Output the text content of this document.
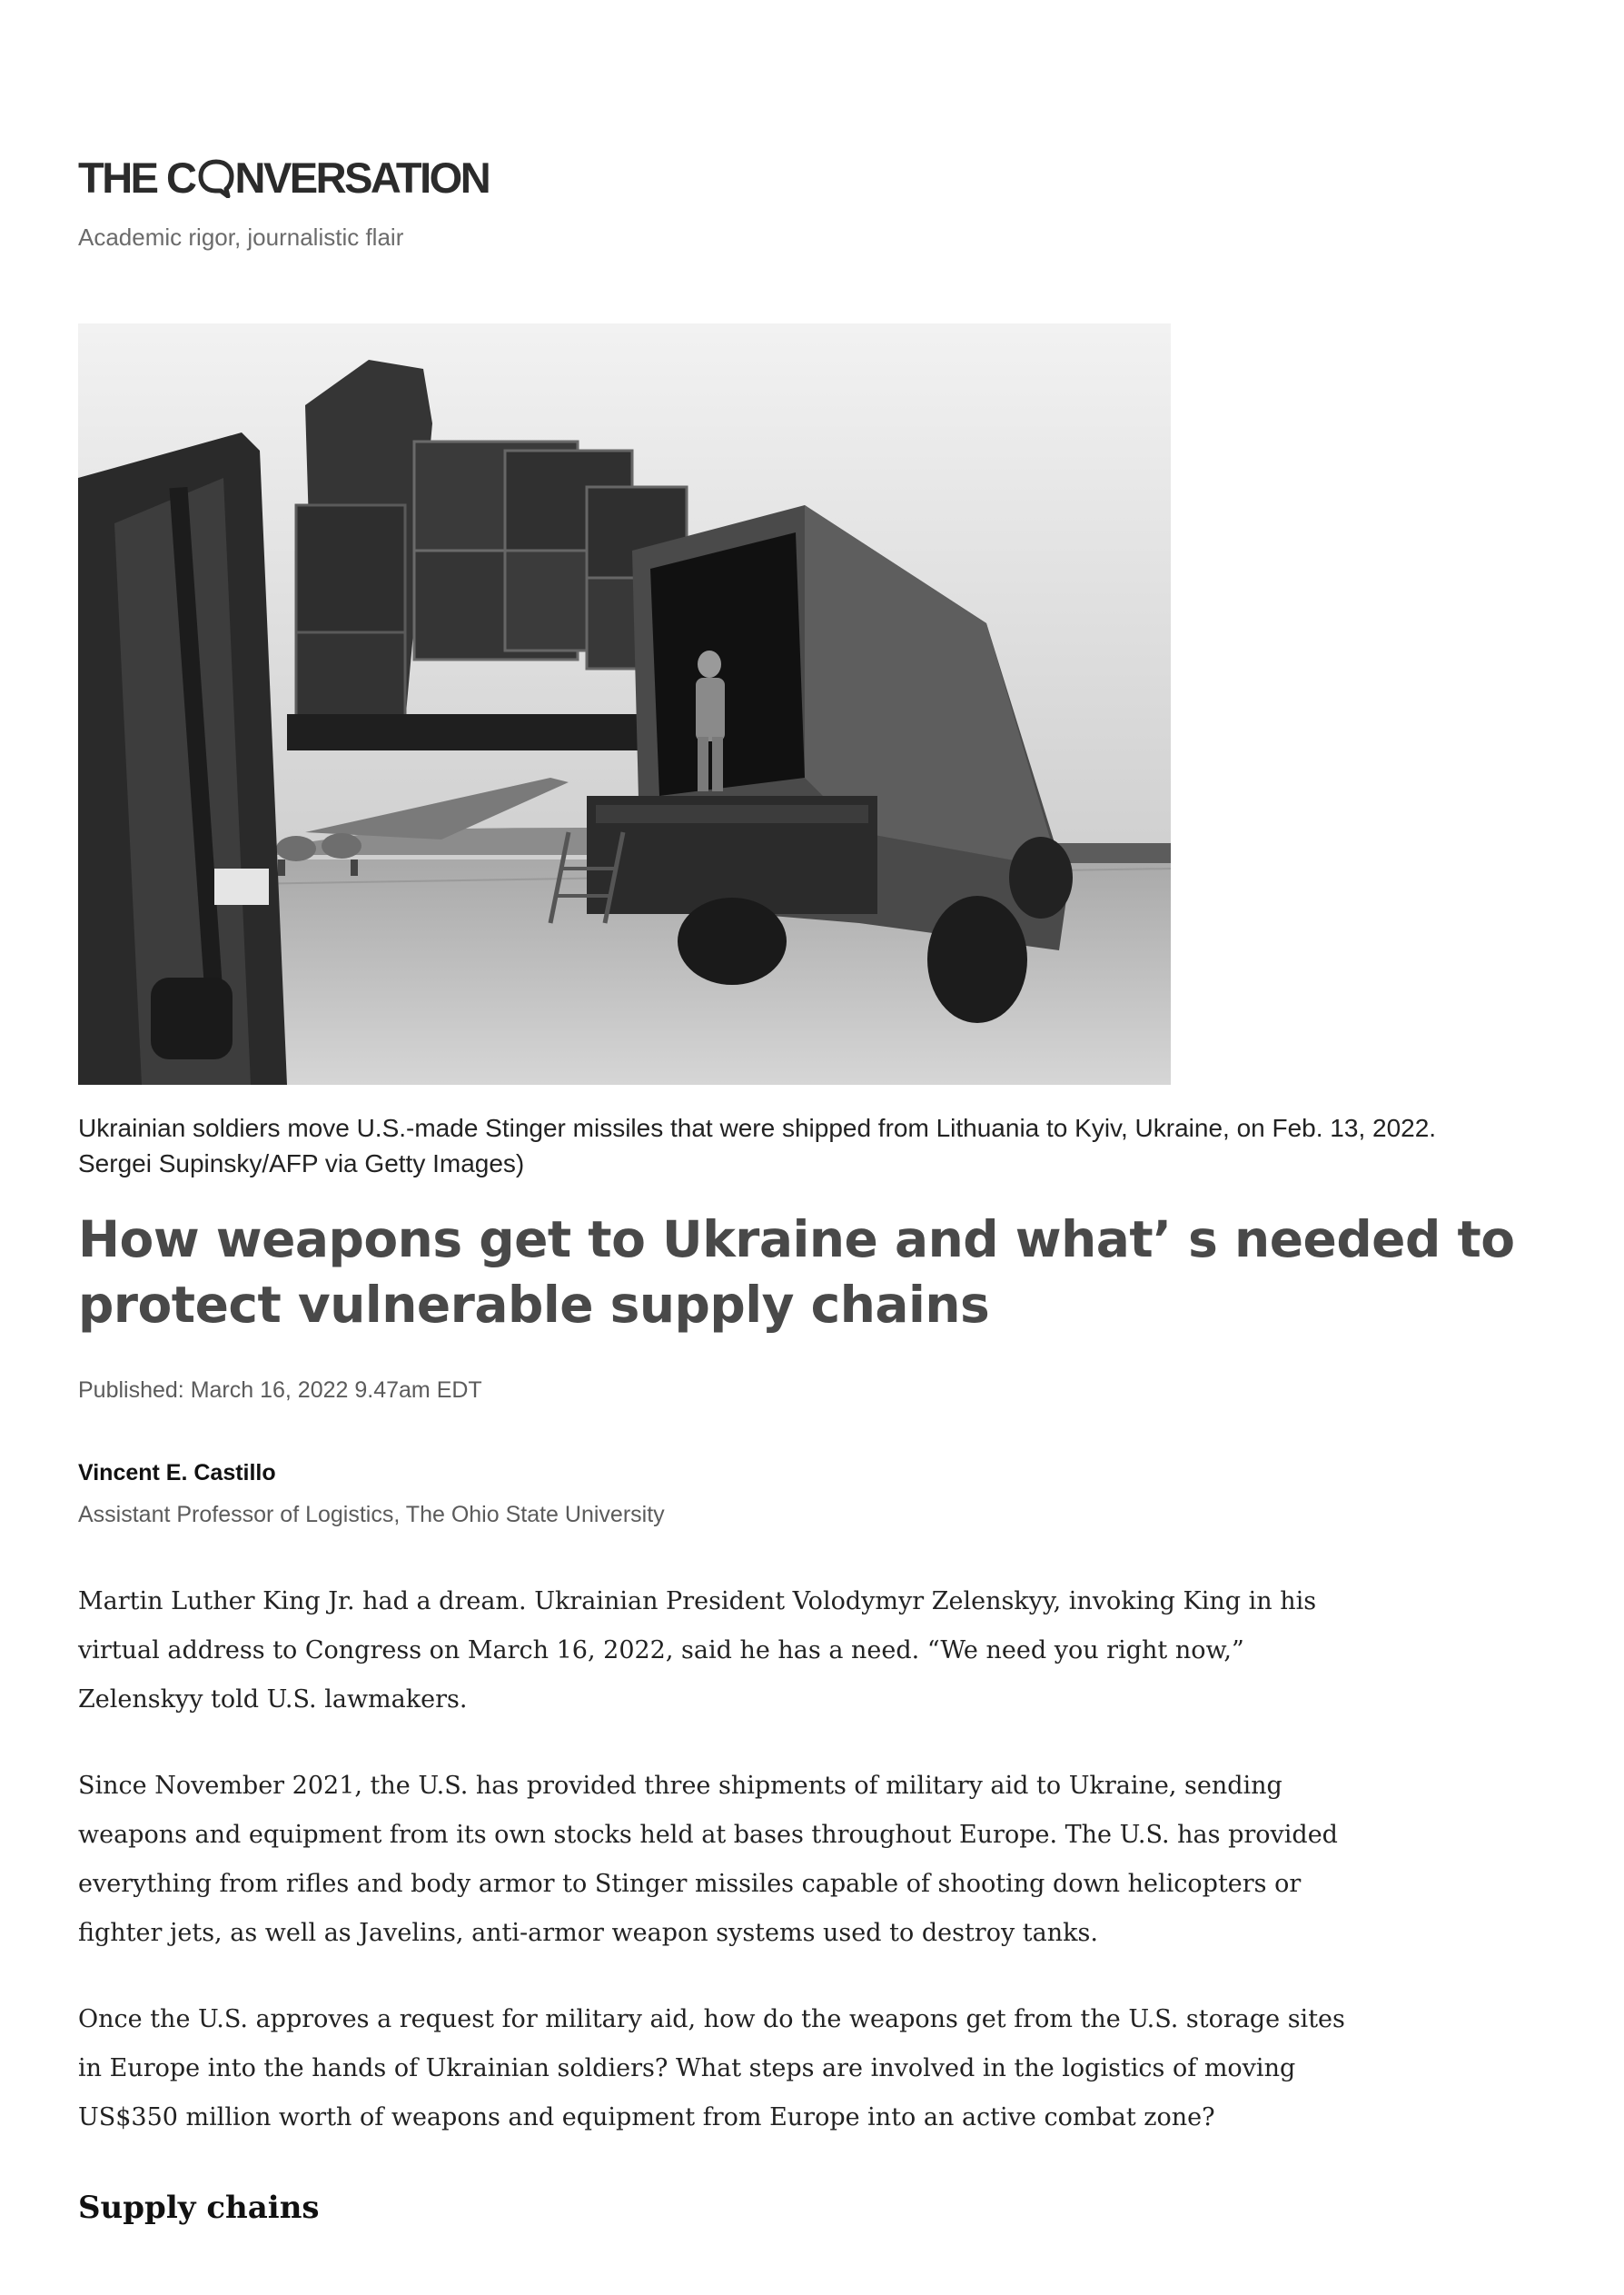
THE C NVERSATION
Academic rigor, journalistic flair
Ukrainian soldiers move U.S.-made Stinger missiles that were shipped from Lithuania to Kyiv, Ukraine, on Feb. 13, 2022.
Sergei Supinsky/AFP via Getty Images)
How weapons get to Ukraine and what’ s needed to
protect vulnerable supply chains
Published: March 16, 2022 9.47am EDT
Vincent E. Castillo
Assistant Professor of Logistics, The Ohio State University
Martin Luther King Jr. had a dream. Ukrainian President Volodymyr Zelenskyy, invoking King in his
virtual address to Congress on March 16, 2022, said he has a need. “We need you right now,”
Zelenskyy told U.S. lawmakers.
Since November 2021, the U.S. has provided three shipments of military aid to Ukraine, sending
weapons and equipment from its own stocks held at bases throughout Europe. The U.S. has provided
everything from rifles and body armor to Stinger missiles capable of shooting down helicopters or
fighter jets, as well as Javelins, anti-armor weapon systems used to destroy tanks.
Once the U.S. approves a request for military aid, how do the weapons get from the U.S. storage sites
in Europe into the hands of Ukrainian soldiers? What steps are involved in the logistics of moving
US$350 million worth of weapons and equipment from Europe into an active combat zone?
Supply chains
